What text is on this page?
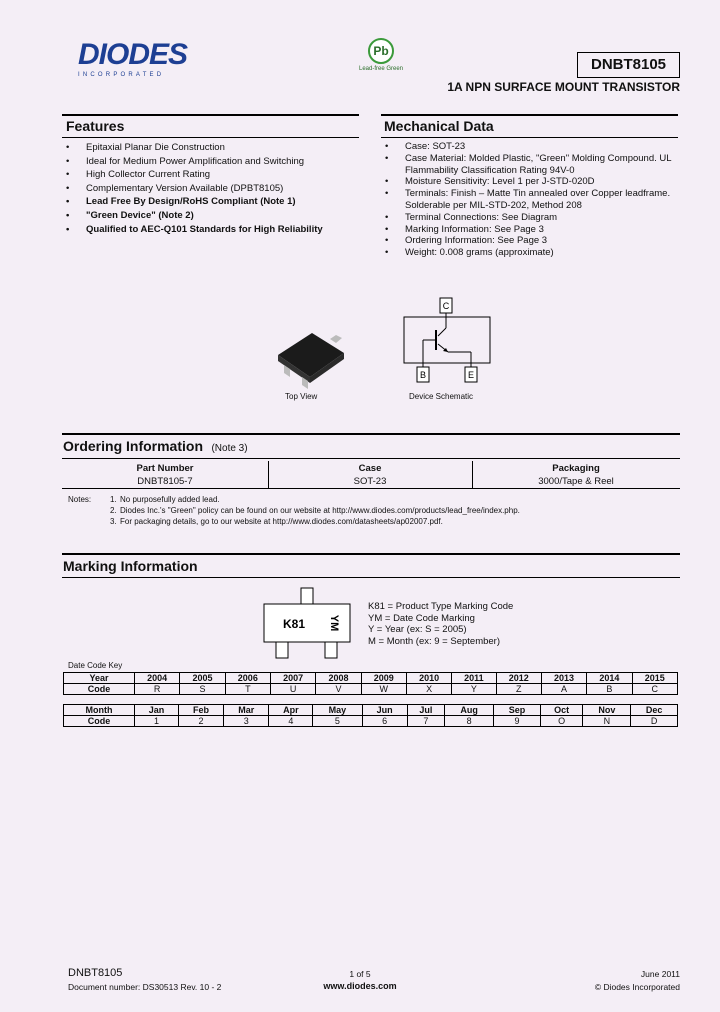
DIODES
INCORPORATED
Pb
Lead-free Green	DNBT8105
1A NPN SURFACE MOUNT TRANSISTOR
Features
• Epitaxial Planar Die Construction
• Ideal for Medium Power Amplification and Switching
• High Collector Current Rating
• Complementary Version Available (DPBT8105)
• Lead Free By Design/RoHS Compliant (Note 1)
• "Green Device" (Note 2)
• Qualified to AEC-Q101 Standards for High Reliability
Mechanical Data
• Case: SOT-23
• Case Material: Molded Plastic, "Green" Molding Compound. UL Flammability Classification Rating 94V-0
• Moisture Sensitivity: Level 1 per J-STD-020D
• Terminals: Finish – Matte Tin annealed over Copper leadframe. Solderable per MIL-STD-202, Method 208
• Terminal Connections: See Diagram
• Marking Information: See Page 3
• Ordering Information: See Page 3
• Weight: 0.008 grams (approximate)
Top View
C
B	E
Device Schematic
Ordering Information (Note 3)
Part Number	Case	Packaging
DNBT8105-7	SOT-23	3000/Tape & Reel
Notes: 1. No purposefully added lead.
2. Diodes Inc.'s "Green" policy can be found on our website at http://www.diodes.com/products/lead_free/index.php.
3. For packaging details, go to our website at http://www.diodes.com/datasheets/ap02007.pdf.
Marking Information
K81 YM
K81 = Product Type Marking Code
YM = Date Code Marking
Y = Year (ex: S = 2005)
M = Month (ex: 9 = September)
Date Code Key
Year	2004	2005	2006	2007	2008	2009	2010	2011	2012	2013	2014	2015
Code	R	S	T	U	V	W	X	Y	Z	A	B	C
Month	Jan	Feb	Mar	Apr	May	Jun	Jul	Aug	Sep	Oct	Nov	Dec
Code	1	2	3	4	5	6	7	8	9	O	N	D
DNBT8105
Document number: DS30513 Rev. 10 - 2
1 of 5
www.diodes.com
June 2011
© Diodes Incorporated
